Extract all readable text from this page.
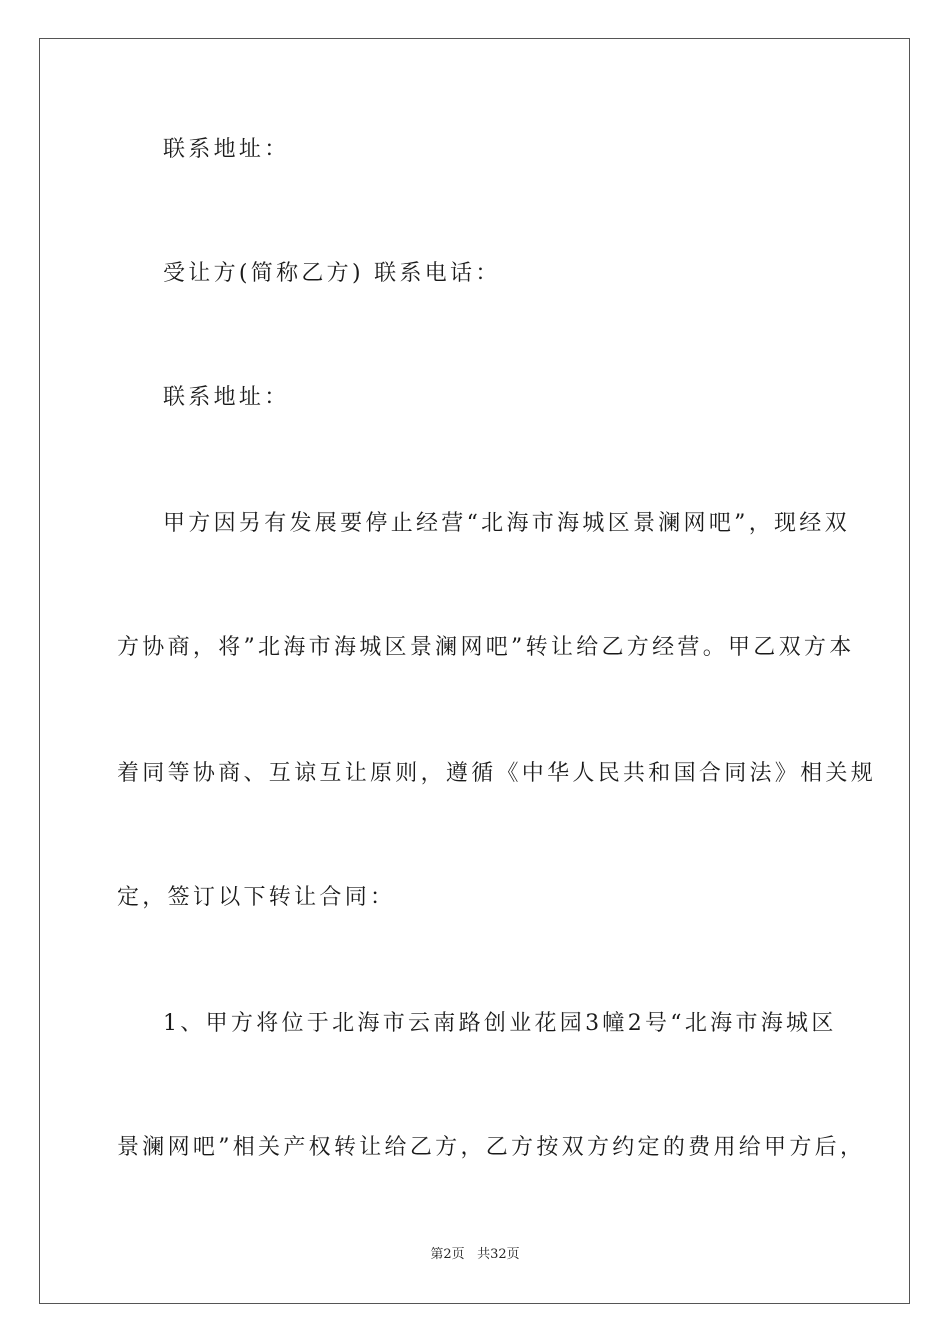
联系地址：
受让方(简称乙方) 联系电话：
联系地址：
甲方因另有发展要停止经营“北海市海城区景澜网吧”，现经双
方协商，将”北海市海城区景澜网吧”转让给乙方经营。甲乙双方本
着同等协商、互谅互让原则，遵循《中华人民共和国合同法》相关规
定，签订以下转让合同：
1、甲方将位于北海市云南路创业花园3幢2号“北海市海城区
景澜网吧”相关产权转让给乙方，乙方按双方约定的费用给甲方后，
第2页 共32页
